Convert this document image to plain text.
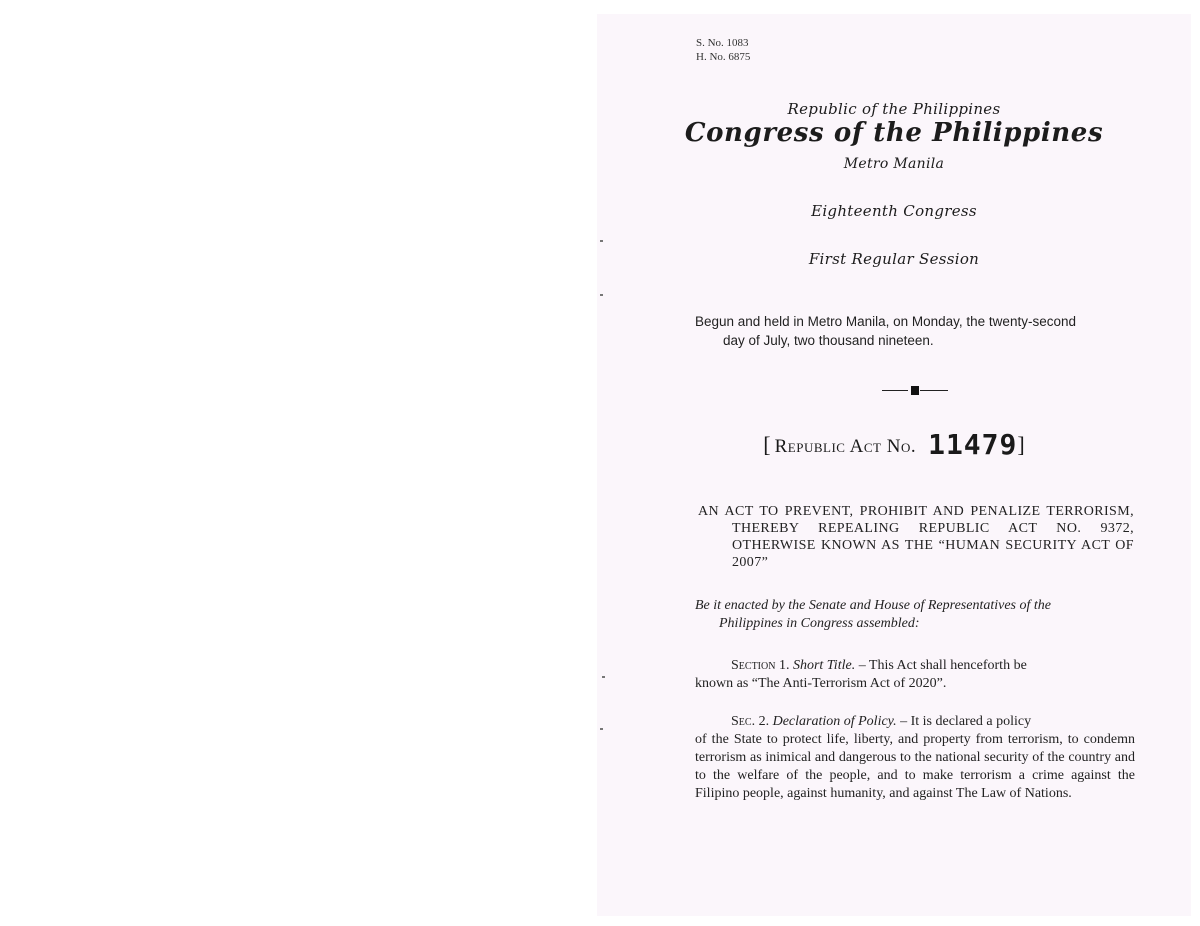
S. No. 1083
H. No. 6875
Republic of the Philippines
Congress of the Philippines
Metro Manila
Eighteenth Congress
First Regular Session
Begun and held in Metro Manila, on Monday, the twenty-second
day of July, two thousand nineteen.
[ Republic Act No. 11479]

AN ACT TO PREVENT, PROHIBIT AND PENALIZE TERRORISM, THEREBY REPEALING REPUBLIC ACT NO. 9372, OTHERWISE KNOWN AS THE “HUMAN SECURITY ACT OF 2007”

Be it enacted by the Senate and House of Representatives of the
Philippines in Congress assembled:
Section 1. Short Title. – This Act shall henceforth be
known as “The Anti-Terrorism Act of 2020”.
Sec. 2. Declaration of Policy. – It is declared a policy
of the State to protect life, liberty, and property from terrorism, to condemn terrorism as inimical and dangerous to the national security of the country and to the welfare of the people, and to make terrorism a crime against the Filipino people, against humanity, and against The Law of Nations.
